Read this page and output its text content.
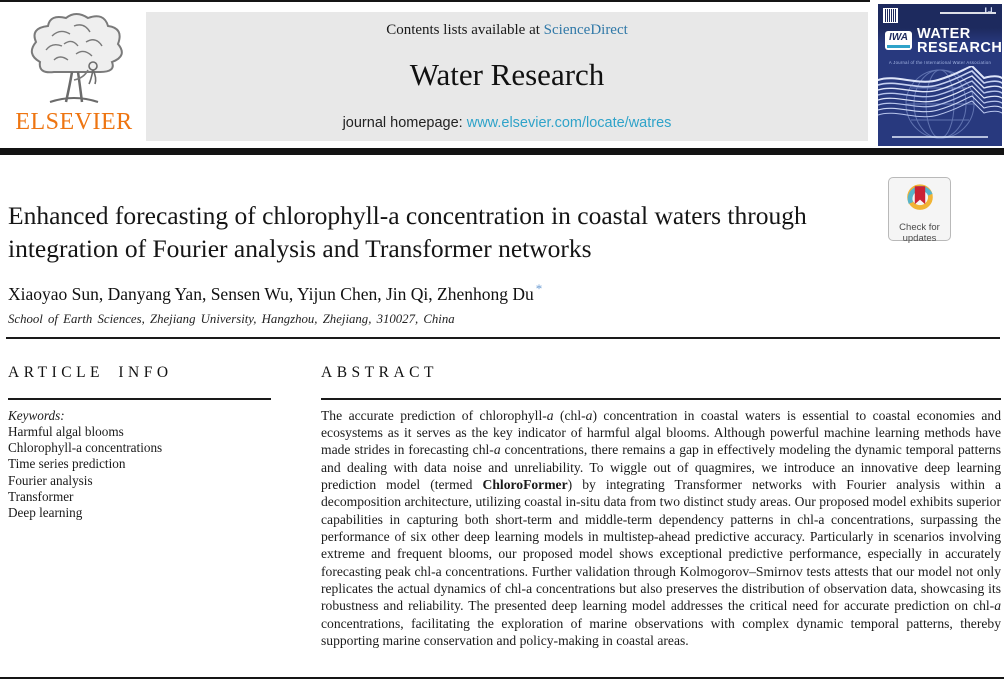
ELSEVIER
Contents lists available at ScienceDirect
Water Research
journal homepage: www.elsevier.com/locate/watres
▌▁▍
IWA WATER
RESEARCH
A Journal of the International Water Association
Enhanced forecasting of chlorophyll-a concentration in coastal waters through integration of Fourier analysis and Transformer networks
Xiaoyao Sun, Danyang Yan, Sensen Wu, Yijun Chen, Jin Qi, Zhenhong Du *
School of Earth Sciences, Zhejiang University, Hangzhou, Zhejiang, 310027, China
Check for
updates
ARTICLE INFO
Keywords:
Harmful algal blooms
Chlorophyll-a concentrations
Time series prediction
Fourier analysis
Transformer
Deep learning
ABSTRACT

The accurate prediction of chlorophyll-a (chl-a) concentration in coastal waters is essential to coastal economies and ecosystems as it serves as the key indicator of harmful algal blooms. Although powerful machine learning methods have made strides in forecasting chl-a concentrations, there remains a gap in effectively modeling the dynamic temporal patterns and dealing with data noise and unreliability. To wiggle out of quagmires, we introduce an innovative deep learning prediction model (termed ChloroFormer) by integrating Transformer networks with Fourier analysis within a decomposition architecture, utilizing coastal in-situ data from two distinct study areas. Our proposed model exhibits superior capabilities in capturing both short-term and middle-term dependency patterns in chl-a concentrations, surpassing the performance of six other deep learning models in multistep-ahead predictive accuracy. Particularly in scenarios involving extreme and frequent blooms, our proposed model shows exceptional predictive performance, especially in accurately forecasting peak chl-a concentrations. Further validation through Kolmogorov–Smirnov tests attests that our model not only replicates the actual dynamics of chl-a concentrations but also preserves the distribution of observation data, showcasing its robustness and reliability. The presented deep learning model addresses the critical need for accurate prediction on chl-a concentrations, facilitating the exploration of marine observations with complex dynamic temporal patterns, thereby supporting marine conservation and policy-making in coastal areas.
